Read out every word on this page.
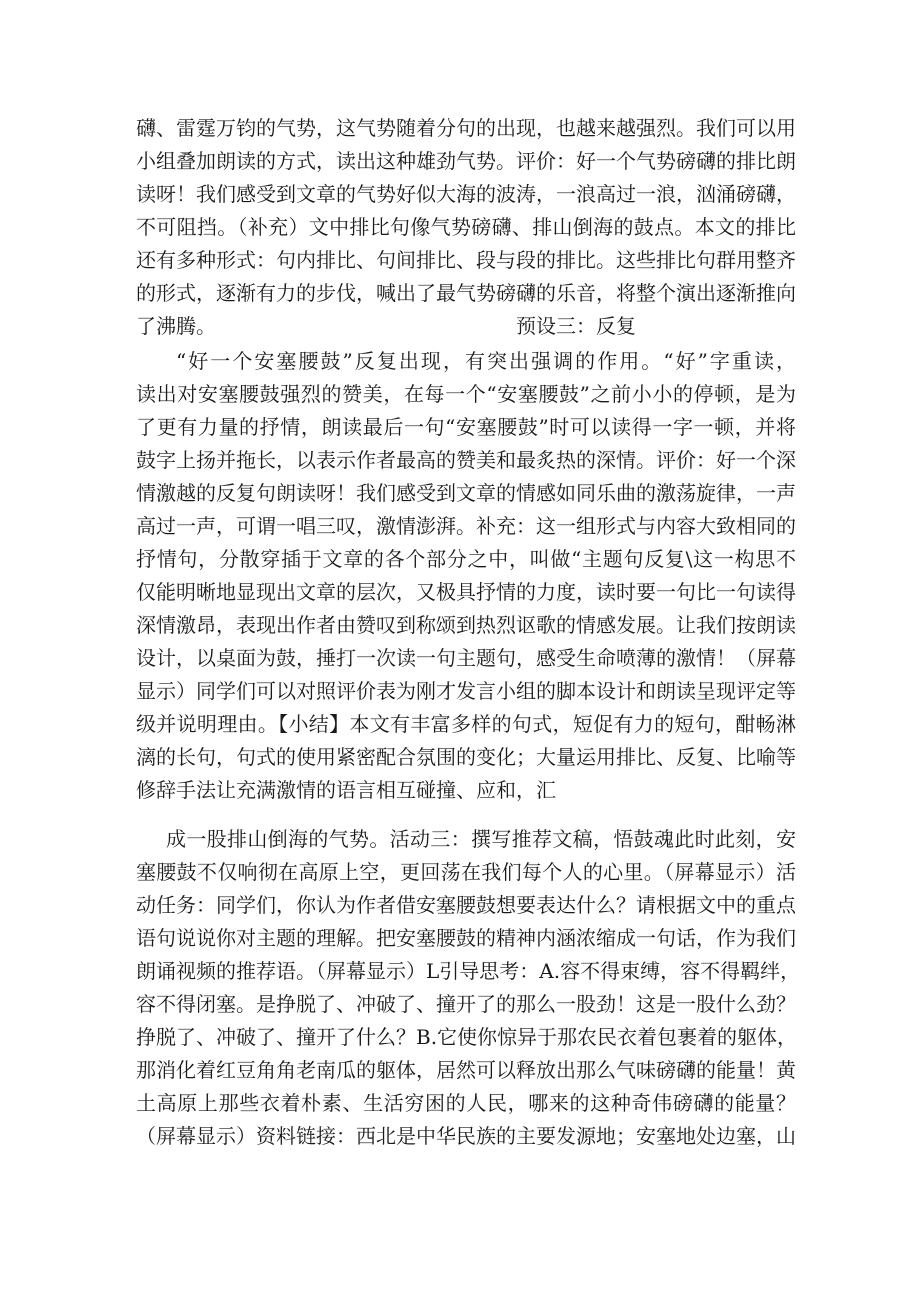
礴、雷霆万钧的气势，这气势随着分句的出现，也越来越强烈。我们可以用
小组叠加朗读的方式，读出这种雄劲气势。评价：好一个气势磅礴的排比朗
读呀！我们感受到文章的气势好似大海的波涛，一浪高过一浪，汹涌磅礴，
不可阻挡。（补充）文中排比句像气势磅礴、排山倒海的鼓点。本文的排比
还有多种形式：句内排比、句间排比、段与段的排比。这些排比句群用整齐
的形式，逐渐有力的步伐，喊出了最气势磅礴的乐音，将整个演出逐渐推向
了沸腾。	预设三：反复
“好一个安塞腰鼓”反复出现，有突出强调的作用。“好”字重读，
读出对安塞腰鼓强烈的赞美，在每一个“安塞腰鼓”之前小小的停顿，是为
了更有力量的抒情，朗读最后一句“安塞腰鼓”时可以读得一字一顿，并将
鼓字上扬并拖长，以表示作者最高的赞美和最炙热的深情。评价：好一个深
情激越的反复句朗读呀！我们感受到文章的情感如同乐曲的激荡旋律，一声
高过一声，可谓一唱三叹，激情澎湃。补充：这一组形式与内容大致相同的
抒情句，分散穿插于文章的各个部分之中，叫做“主题句反复\这一构思不
仅能明晰地显现出文章的层次，又极具抒情的力度，读时要一句比一句读得
深情激昂，表现出作者由赞叹到称颂到热烈讴歌的情感发展。让我们按朗读
设计，以桌面为鼓，捶打一次读一句主题句，感受生命喷薄的激情！（屏幕
显示）同学们可以对照评价表为刚才发言小组的脚本设计和朗读呈现评定等
级并说明理由。【小结】本文有丰富多样的句式，短促有力的短句，酣畅淋
漓的长句，句式的使用紧密配合氛围的变化；大量运用排比、反复、比喻等
修辞手法让充满激情的语言相互碰撞、应和，汇
成一股排山倒海的气势。活动三：撰写推荐文稿，悟鼓魂此时此刻，安
塞腰鼓不仅响彻在高原上空，更回荡在我们每个人的心里。（屏幕显示）活
动任务：同学们，你认为作者借安塞腰鼓想要表达什么？请根据文中的重点
语句说说你对主题的理解。把安塞腰鼓的精神内涵浓缩成一句话，作为我们
朗诵视频的推荐语。（屏幕显示）L引导思考：A.容不得束缚，容不得羁绊，
容不得闭塞。是挣脱了、冲破了、撞开了的那么一股劲！这是一股什么劲？
挣脱了、冲破了、撞开了什么？B.它使你惊异于那农民衣着包裹着的躯体，
那消化着红豆角角老南瓜的躯体，居然可以释放出那么气味磅礴的能量！黄
土高原上那些衣着朴素、生活穷困的人民，哪来的这种奇伟磅礴的能量？
（屏幕显示）资料链接：西北是中华民族的主要发源地；安塞地处边塞，山
